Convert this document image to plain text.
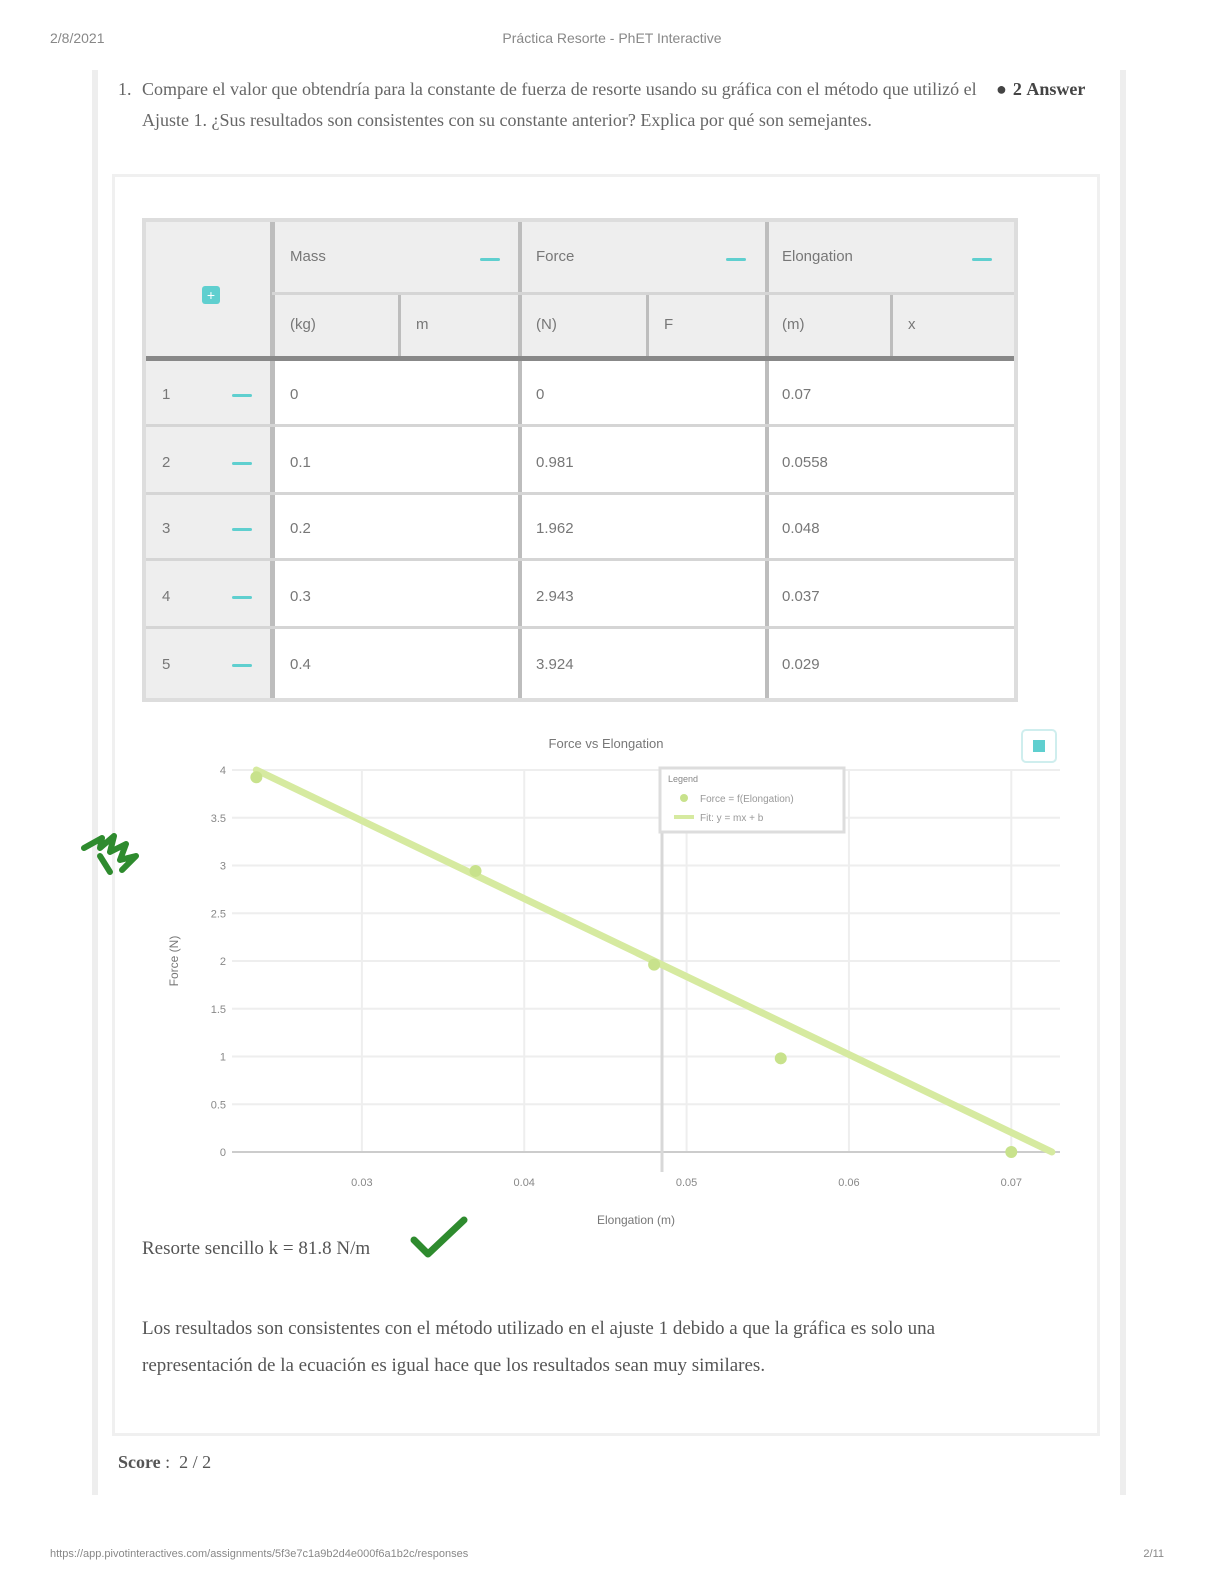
2/8/2021	Práctica Resorte - PhET Interactive
1. Compare el valor que obtendría para la constante de fuerza de resorte usando su gráfica con el método que utilizó el Ajuste 1. ¿Sus resultados son consistentes con su constante anterior? Explica por qué son semejantes.
● 2 Answer
+
Mass	Force	Elongation
(kg)	m	(N)	F	(m)	x
1	0	0	0.07
2	0.1	0.981	0.0558
3	0.2	1.962	0.048
4	0.3	2.943	0.037
5	0.4	3.924	0.029
Force vs Elongation
4
3.5
3
2.5
2
1.5
1
0.5
0
0.03	0.04	0.05	0.06	0.07
Elongation (m)
Force (N)
Legend
Force = f(Elongation)
Fit: y = mx + b
Resorte sencillo k = 81.8 N/m
Los resultados son consistentes con el método utilizado en el ajuste 1 debido a que la gráfica es solo una representación de la ecuación es igual hace que los resultados sean muy similares.
Score :  2 / 2
https://app.pivotinteractives.com/assignments/5f3e7c1a9b2d4e000f6a1b2c/responses	2/11
